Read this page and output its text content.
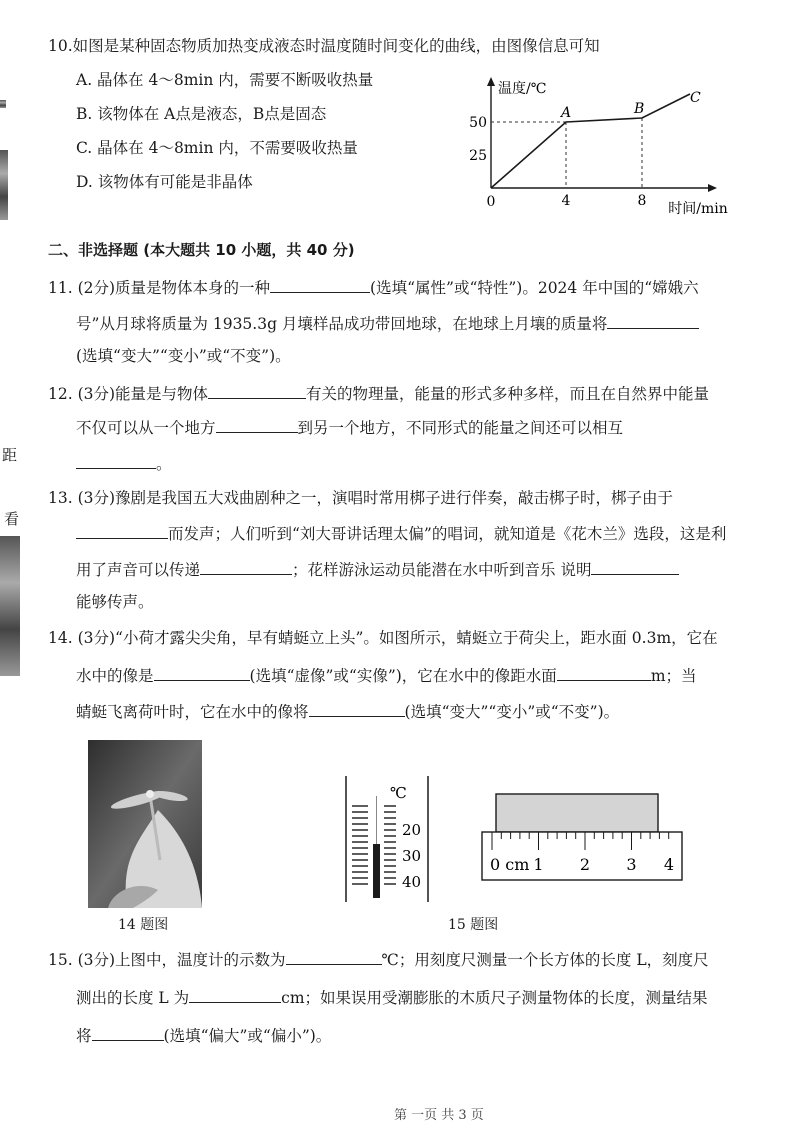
距
看
10.如图是某种固态物质加热变成液态时温度随时间变化的曲线，由图像信息可知
A. 晶体在 4～8min 内，需要不断吸收热量
B. 该物体在 A点是液态，B点是固态
C. 晶体在 4～8min 内，不需要吸收热量
D. 该物体有可能是非晶体
温度/℃
时间/min
0
50
25
4	8
A	B
C
二、非选择题 (本大题共 10 小题，共 40 分)
11. (2分)质量是物体本身的一种	(选填“属性”或“特性”)。2024 年中国的“嫦娥六
号”从月球将质量为 1935.3g 月壤样品成功带回地球，在地球上月壤的质量将
(选填“变大”“变小”或“不变”)。
12. (3分)能量是与物体	有关的物理量，能量的形式多种多样，而且在自然界中能量
不仅可以从一个地方	到另一个地方，不同形式的能量之间还可以相互
。
13. (3分)豫剧是我国五大戏曲剧种之一，演唱时常用梆子进行伴奏，敲击梆子时，梆子由于
而发声；人们听到“刘大哥讲话理太偏”的唱词，就知道是《花木兰》选段，这是利
用了声音可以传递	；花样游泳运动员能潜在水中听到音乐 说明
能够传声。
14. (3分)“小荷才露尖尖角，早有蜻蜓立上头”。如图所示，蜻蜓立于荷尖上，距水面 0.3m，它在
水中的像是	(选填“虚像”或“实像”)，它在水中的像距水面	m；当
蜻蜓飞离荷叶时，它在水中的像将	(选填“变大”“变小”或“不变”)。
14 题图
℃
20
30
40
0 cm 1 2 3 4
15 题图
15. (3分)上图中，温度计的示数为	℃；用刻度尺测量一个长方体的长度 L，刻度尺
测出的长度 L 为	cm；如果误用受潮膨胀的木质尺子测量物体的长度，测量结果
将	(选填“偏大”或“偏小”)。
第 一页 共 3 页
